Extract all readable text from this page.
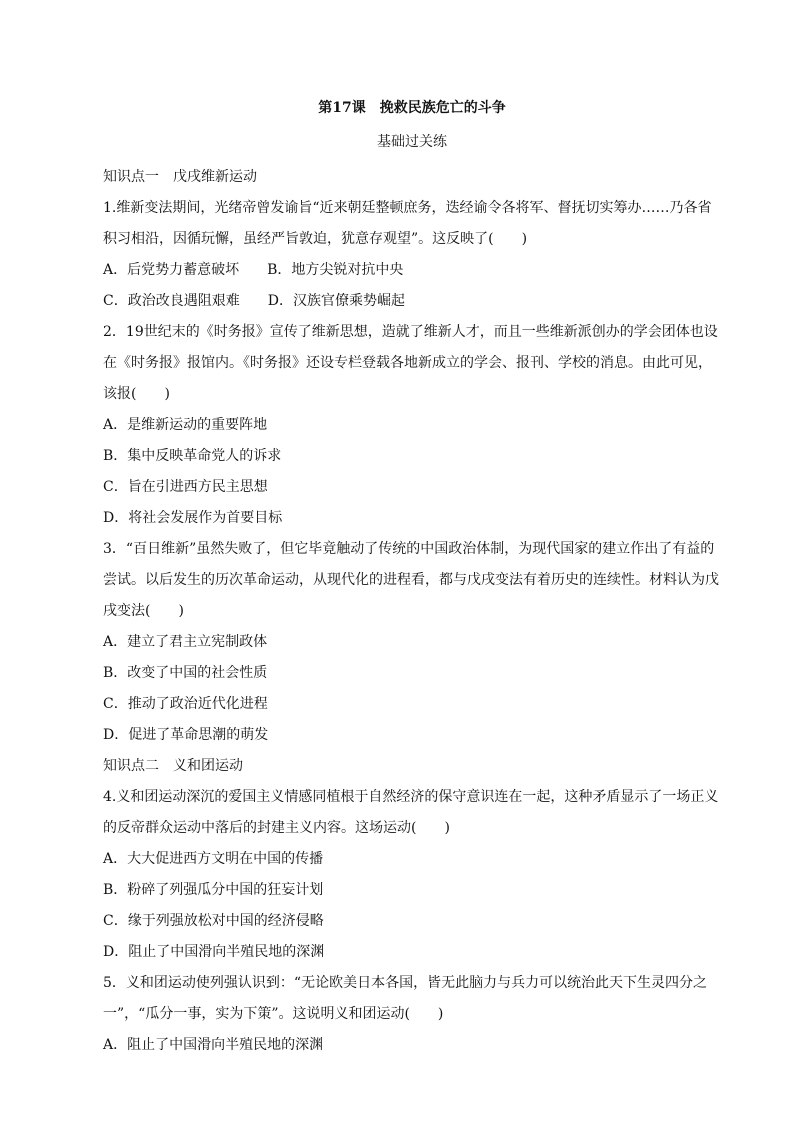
第17课　挽救民族危亡的斗争
基础过关练
知识点一　戊戌维新运动
1.维新变法期间，光绪帝曾发谕旨“近来朝廷整顿庶务，迭经谕令各将军、督抚切实筹办……乃各省积习相沿，因循玩懈，虽经严旨敦迫，犹意存观望”。这反映了(　　)
A．后党势力蓄意破坏 B．地方尖锐对抗中央
C．政治改良遇阻艰难 D．汉族官僚乘势崛起
2．19世纪末的《时务报》宣传了维新思想，造就了维新人才，而且一些维新派创办的学会团体也设在《时务报》报馆内。《时务报》还设专栏登载各地新成立的学会、报刊、学校的消息。由此可见，该报(　　)
A．是维新运动的重要阵地
B．集中反映革命党人的诉求
C．旨在引进西方民主思想
D．将社会发展作为首要目标
3．“百日维新”虽然失败了，但它毕竟触动了传统的中国政治体制，为现代国家的建立作出了有益的尝试。以后发生的历次革命运动，从现代化的进程看，都与戊戌变法有着历史的连续性。材料认为戊戌变法(　　)
A．建立了君主立宪制政体
B．改变了中国的社会性质
C．推动了政治近代化进程
D．促进了革命思潮的萌发
知识点二　义和团运动
4.义和团运动深沉的爱国主义情感同植根于自然经济的保守意识连在一起，这种矛盾显示了一场正义的反帝群众运动中落后的封建主义内容。这场运动(　　)
A．大大促进西方文明在中国的传播
B．粉碎了列强瓜分中国的狂妄计划
C．缘于列强放松对中国的经济侵略
D．阻止了中国滑向半殖民地的深渊
5．义和团运动使列强认识到：“无论欧美日本各国，皆无此脑力与兵力可以统治此天下生灵四分之一”，“瓜分一事，实为下策”。这说明义和团运动(　　)
A．阻止了中国滑向半殖民地的深渊
